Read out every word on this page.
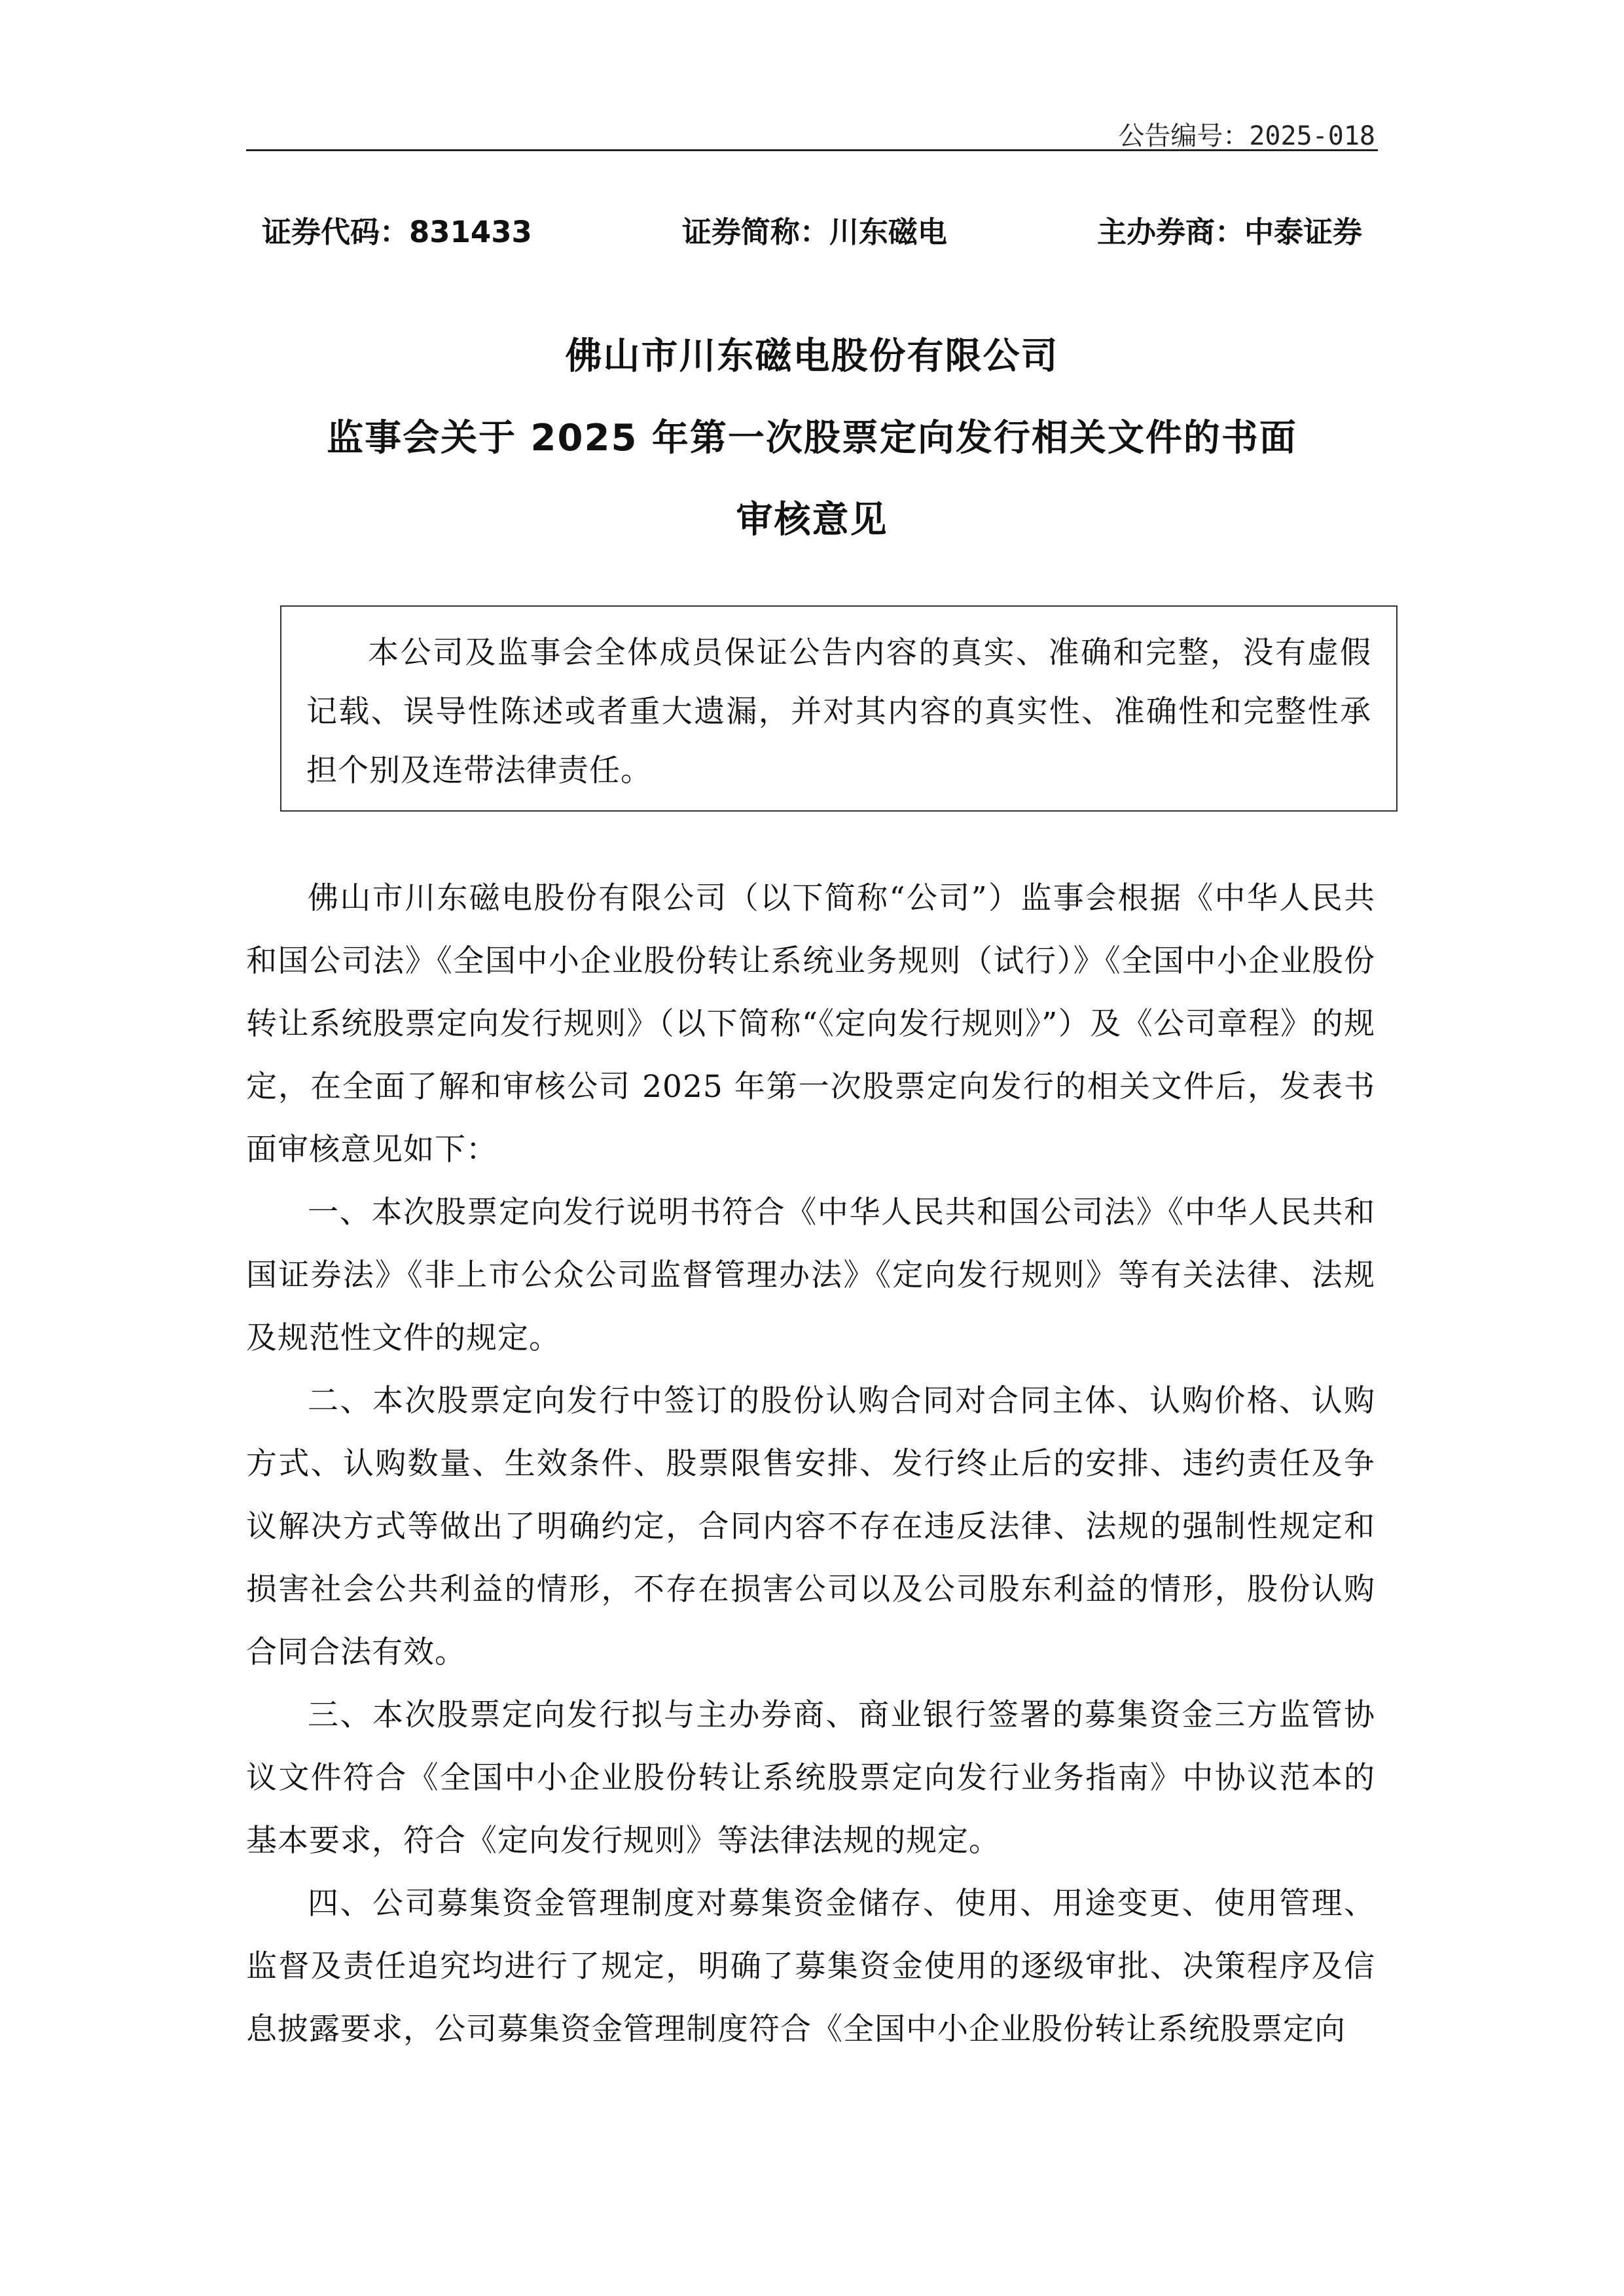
公告编号：2025-018
证券代码：831433	证券简称：川东磁电	主办券商：中泰证券
佛山市川东磁电股份有限公司
监事会关于 2025 年第一次股票定向发行相关文件的书面
审核意见

本公司及监事会全体成员保证公告内容的真实、准确和完整，没有虚假记载、误导性陈述或者重大遗漏，并对其内容的真实性、准确性和完整性承担个别及连带法律责任。

佛山市川东磁电股份有限公司（以下简称“公司”）监事会根据《中华人民共和国公司法》《全国中小企业股份转让系统业务规则（试行）》《全国中小企业股份转让系统股票定向发行规则》（以下简称“《定向发行规则》”）及《公司章程》的规定，在全面了解和审核公司 2025 年第一次股票定向发行的相关文件后，发表书面审核意见如下：

一、本次股票定向发行说明书符合《中华人民共和国公司法》《中华人民共和国证券法》《非上市公众公司监督管理办法》《定向发行规则》等有关法律、法规及规范性文件的规定。

二、本次股票定向发行中签订的股份认购合同对合同主体、认购价格、认购方式、认购数量、生效条件、股票限售安排、发行终止后的安排、违约责任及争议解决方式等做出了明确约定，合同内容不存在违反法律、法规的强制性规定和损害社会公共利益的情形，不存在损害公司以及公司股东利益的情形，股份认购合同合法有效。

三、本次股票定向发行拟与主办券商、商业银行签署的募集资金三方监管协议文件符合《全国中小企业股份转让系统股票定向发行业务指南》中协议范本的基本要求，符合《定向发行规则》等法律法规的规定。

四、公司募集资金管理制度对募集资金储存、使用、用途变更、使用管理、监督及责任追究均进行了规定，明确了募集资金使用的逐级审批、决策程序及信息披露要求，公司募集资金管理制度符合《全国中小企业股份转让系统股票定向
